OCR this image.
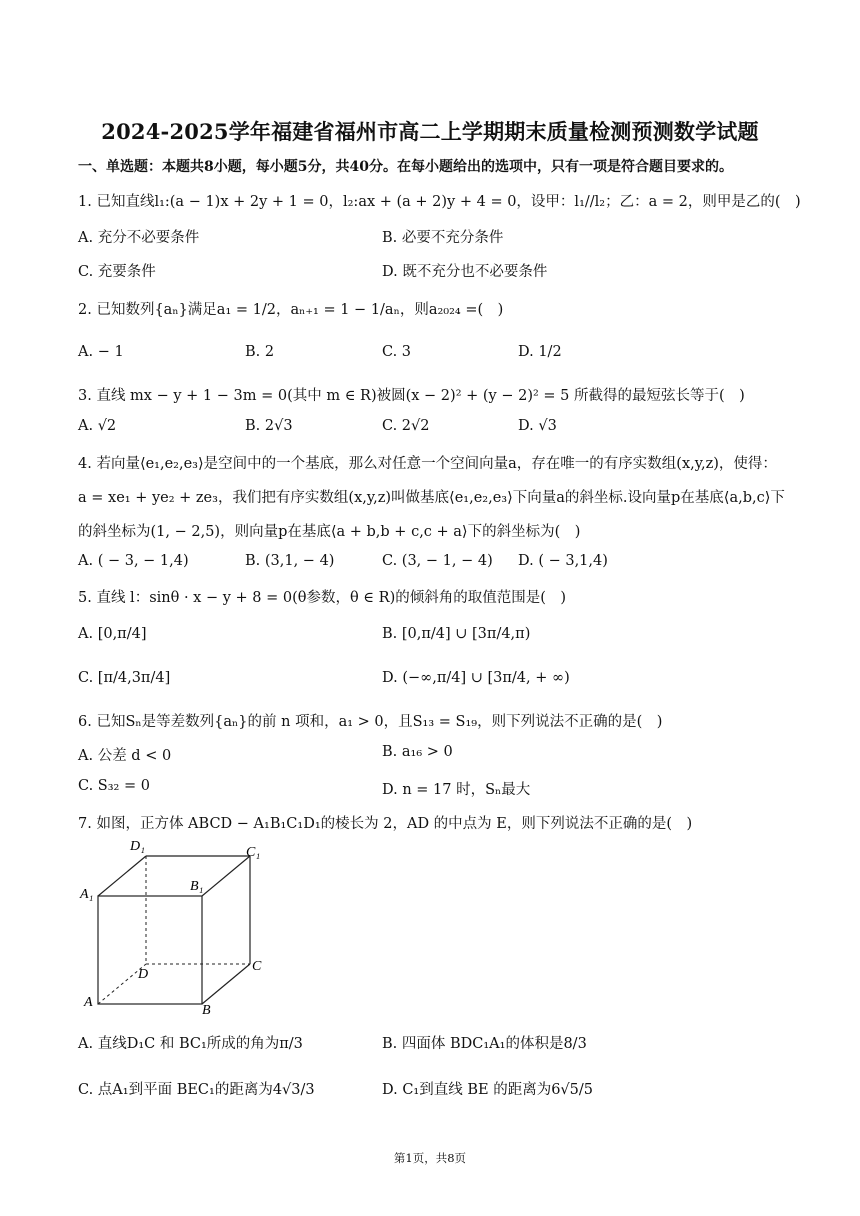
2024-2025学年福建省福州市高二上学期期末质量检测预测数学试题
一、单选题：本题共8小题，每小题5分，共40分。在每小题给出的选项中，只有一项是符合题目要求的。
1. 已知直线l₁:(a − 1)x + 2y + 1 = 0，l₂:ax + (a + 2)y + 4 = 0，设甲：l₁//l₂；乙：a = 2，则甲是乙的(　)
A. 充分不必要条件	B. 必要不充分条件
C. 充要条件	D. 既不充分也不必要条件
2. 已知数列{aₙ}满足a₁ = 1/2，aₙ₊₁ = 1 − 1/aₙ，则a₂₀₂₄ =(　)
A. − 1	B. 2	C. 3	D. 1/2
3. 直线 mx − y + 1 − 3m = 0(其中 m ∈ R)被圆(x − 2)² + (y − 2)² = 5 所截得的最短弦长等于(　)
A. √2	B. 2√3	C. 2√2	D. √3
4. 若向量⟨e₁,e₂,e₃⟩是空间中的一个基底，那么对任意一个空间向量a，存在唯一的有序实数组(x,y,z)，使得：
a = xe₁ + ye₂ + ze₃，我们把有序实数组(x,y,z)叫做基底⟨e₁,e₂,e₃⟩下向量a的斜坐标.设向量p在基底⟨a,b,c⟩下
的斜坐标为(1, − 2,5)，则向量p在基底⟨a + b,b + c,c + a⟩下的斜坐标为(　)
A. ( − 3, − 1,4)	B. (3,1, − 4)	C. (3, − 1, − 4) D. ( − 3,1,4)
5. 直线 l：sinθ · x − y + 8 = 0(θ参数，θ ∈ R)的倾斜角的取值范围是(　)
A. [0,π/4]	B. [0,π/4] ∪ [3π/4,π)
C. [π/4,3π/4]	D. (−∞,π/4] ∪ [3π/4, + ∞)
6. 已知Sₙ是等差数列{aₙ}的前 n 项和，a₁ > 0，且S₁₃ = S₁₉，则下列说法不正确的是(　)
A. 公差 d < 0	B. a₁₆ > 0
C. S₃₂ = 0	D. n = 17 时，Sₙ最大
7. 如图，正方体 ABCD − A₁B₁C₁D₁的棱长为 2，AD 的中点为 E，则下列说法不正确的是(　)
D₁	C₁
A₁
B₁
D
C
A
B
A. 直线D₁C 和 BC₁所成的角为π/3	B. 四面体 BDC₁A₁的体积是8/3
C. 点A₁到平面 BEC₁的距离为4√3/3	D. C₁到直线 BE 的距离为6√5/5
第1页，共8页
